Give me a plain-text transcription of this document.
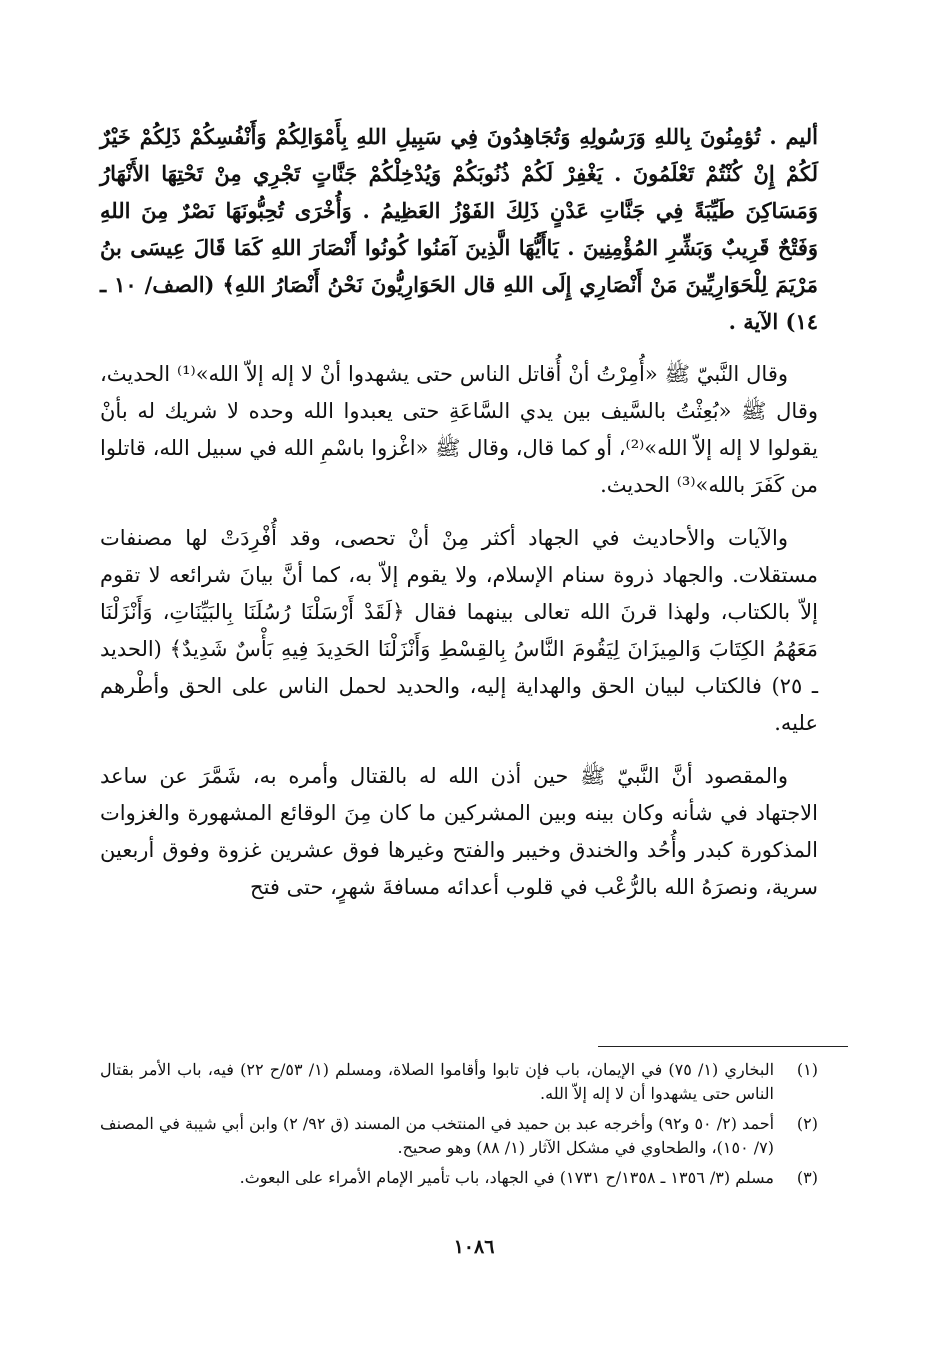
أليم . تُؤمِنُونَ بِاللهِ وَرَسُولِهِ وَتُجَاهِدُونَ فِي سَبِيلِ اللهِ بِأَمْوَالِكُمْ وَأَنْفُسِكُمْ ذَلِكُمْ خَيْرٌ لَكُمْ إِنْ كُنْتُمْ تَعْلَمُونَ . يَغْفِرْ لَكُمْ ذُنُوبَكُمْ وَيُدْخِلْكُمْ جَنَّاتٍ تَجْرِي مِنْ تَحْتِهَا الأَنْهَارُ وَمَسَاكِنَ طَيِّبَةً فِي جَنَّاتِ عَدْنٍ ذَلِكَ الفَوْزُ العَظِيمُ . وَأُخْرَى تُحِبُّونَهَا نَصْرٌ مِنَ اللهِ وَفَتْحٌ قَرِيبٌ وَبَشِّرِ المُؤْمِنِينَ . يَاأَيُّهَا الَّذِينَ آمَنُوا كُونُوا أَنْصَارَ اللهِ كَمَا قَالَ عِيسَى بنُ مَرْيَمَ لِلْحَوَارِيِّينَ مَنْ أَنْصَارِي إِلَى اللهِ قال الحَوَارِيُّونَ نَحْنُ أَنْصَارُ اللهِ﴾ (الصف/ ١٠ ـ ١٤) الآية .

وقال النَّبيّ ﷺ «أُمِرْتُ أنْ أُقاتل الناس حتى يشهدوا أنْ لا إله إلاّ الله»⁽¹⁾ الحديث، وقال ﷺ «بُعِثْتُ بالسَّيف بين يدي السَّاعَةِ حتى يعبدوا الله وحده لا شريك له بأنْ يقولوا لا إله إلاّ الله»⁽²⁾، أو كما قال، وقال ﷺ «اغْزوا باسْمِ الله في سبيل الله، قاتلوا من كَفَرَ بالله»⁽³⁾ الحديث.

والآيات والأحاديث في الجهاد أكثر مِنْ أنْ تحصى، وقد أُفْرِدَتْ لها مصنفات مستقلات. والجهاد ذروة سنام الإسلام، ولا يقوم إلاّ به، كما أنَّ بيانَ شرائعه لا تقوم إلاّ بالكتاب، ولهذا قرنَ الله تعالى بينهما فقال ﴿لَقَدْ أَرْسَلْنَا رُسُلَنَا بِالبَيِّنَاتِ، وَأَنْزَلْنَا مَعَهُمُ الكِتَابَ وَالمِيزَانَ لِيَقُومَ النَّاسُ بِالقِسْطِ وَأَنْزَلْنَا الحَدِيدَ فِيهِ بَأْسٌ شَدِيدٌ﴾ (الحديد ـ ٢٥) فالكتاب لبيان الحق والهداية إليه، والحديد لحمل الناس على الحق وأطْرهم عليه.

والمقصود أنَّ النَّبيّ ﷺ حين أذن الله له بالقتال وأمره به، شَمَّرَ عن ساعد الاجتهاد في شأنه وكان بينه وبين المشركين ما كان مِنَ الوقائع المشهورة والغزوات المذكورة كبدر وأُحُد والخندق وخيبر والفتح وغيرها فوق عشرين غزوة وفوق أربعين سرية، ونصرَهُ الله بالرُّعْب في قلوب أعدائه مسافةَ شهرٍ، حتى فتح

(١)
البخاري (١/ ٧٥) في الإيمان، باب فإن تابوا وأقاموا الصلاة، ومسلم (١/ ٥٣/ح ٢٢) فيه، باب الأمر بقتال الناس حتى يشهدوا أن لا إله إلاّ الله.
(٢)
أحمد (٢/ ٥٠ و٩٢) وأخرجه عبد بن حميد في المنتخب من المسند (ق ٩٢/ ٢) وابن أبي شيبة في المصنف (٧/ ١٥٠)، والطحاوي في مشكل الآثار (١/ ٨٨) وهو صحيح.
(٣)
مسلم (٣/ ١٣٥٦ ـ ١٣٥٨/ح ١٧٣١) في الجهاد، باب تأمير الإمام الأمراء على البعوث.
١٠٨٦
